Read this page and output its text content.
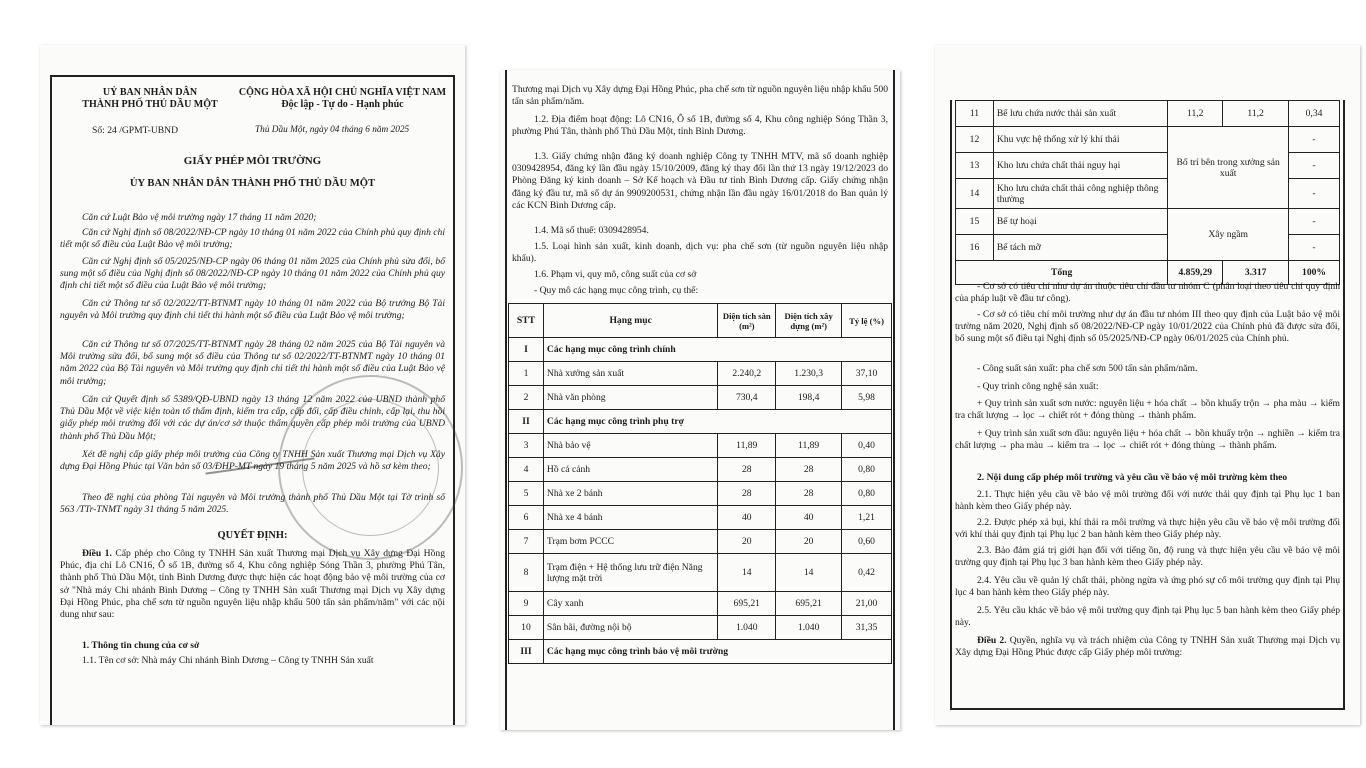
UỶ BAN NHÂN DÂN
THÀNH PHỐ THỦ DẦU MỘT
CỘNG HÒA XÃ HỘI CHỦ NGHĨA VIỆT NAM
Độc lập - Tự do - Hạnh phúc
Số: 24 /GPMT-UBND	Thủ Dầu Một, ngày 04 tháng 6 năm 2025
GIẤY PHÉP MÔI TRƯỜNG
ỦY BAN NHÂN DÂN THÀNH PHỐ THỦ DẦU MỘT
Căn cứ Luật Bảo vệ môi trường ngày 17 tháng 11 năm 2020;
Căn cứ Nghị định số 08/2022/NĐ-CP ngày 10 tháng 01 năm 2022 của Chính phủ quy định chi tiết một số điều của Luật Bảo vệ môi trường;
Căn cứ Nghị định số 05/2025/NĐ-CP ngày 06 tháng 01 năm 2025 của Chính phủ sửa đổi, bổ sung một số điều của Nghị định số 08/2022/NĐ-CP ngày 10 tháng 01 năm 2022 của Chính phủ quy định chi tiết một số điều của Luật Bảo vệ môi trường;
Căn cứ Thông tư số 02/2022/TT-BTNMT ngày 10 tháng 01 năm 2022 của Bộ trưởng Bộ Tài nguyên và Môi trường quy định chi tiết thi hành một số điều của Luật Bảo vệ môi trường;
Căn cứ Thông tư số 07/2025/TT-BTNMT ngày 28 tháng 02 năm 2025 của Bộ Tài nguyên và Môi trường sửa đổi, bổ sung một số điều của Thông tư số 02/2022/TT-BTNMT ngày 10 tháng 01 năm 2022 của Bộ Tài nguyên và Môi trường quy định chi tiết thi hành một số điều của Luật Bảo vệ môi trường;
Căn cứ Quyết định số 5389/QĐ-UBND ngày 13 tháng 12 năm 2022 của UBND thành phố Thủ Dầu Một về việc kiện toàn tổ thẩm định, kiểm tra cấp, cấp đổi, cấp điều chỉnh, cấp lại, thu hồi giấy phép môi trường đối với các dự án/cơ sở thuộc thẩm quyền cấp phép môi trường của UBND thành phố Thủ Dầu Một;
Xét đề nghị cấp giấy phép môi trường của Công ty TNHH Sản xuất Thương mại Dịch vụ Xây dựng Đại Hồng Phúc tại Văn bản số 03/ĐHP-MT ngày 19 tháng 5 năm 2025 và hồ sơ kèm theo;
Theo đề nghị của phòng Tài nguyên và Môi trường thành phố Thủ Dầu Một tại Tờ trình số 563 /TTr-TNMT ngày 31 tháng 5 năm 2025.
QUYẾT ĐỊNH:
Điều 1. Cấp phép cho Công ty TNHH Sản xuất Thương mại Dịch vụ Xây dựng Đại Hồng Phúc, địa chỉ Lô CN16, Ô số 1B, đường số 4, Khu công nghiệp Sóng Thần 3, phường Phú Tân, thành phố Thủ Dầu Một, tỉnh Bình Dương được thực hiện các hoạt động bảo vệ môi trường của cơ sở "Nhà máy Chi nhánh Bình Dương – Công ty TNHH Sản xuất Thương mại Dịch vụ Xây dựng Đại Hồng Phúc, pha chế sơn từ nguồn nguyên liệu nhập khẩu 500 tấn sản phẩm/năm" với các nội dung như sau:
1. Thông tin chung của cơ sở
1.1. Tên cơ sở: Nhà máy Chi nhánh Bình Dương – Công ty TNHH Sản xuất
Thương mại Dịch vụ Xây dựng Đại Hồng Phúc, pha chế sơn từ nguồn nguyên liệu nhập khẩu 500 tấn sản phẩm/năm.
1.2. Địa điểm hoạt động: Lô CN16, Ô số 1B, đường số 4, Khu công nghiệp Sóng Thần 3, phường Phú Tân, thành phố Thủ Dầu Một, tỉnh Bình Dương.
1.3. Giấy chứng nhận đăng ký doanh nghiệp Công ty TNHH MTV, mã số doanh nghiệp 0309428954, đăng ký lần đầu ngày 15/10/2009, đăng ký thay đổi lần thứ 13 ngày 19/12/2023 do Phòng Đăng ký kinh doanh – Sở Kế hoạch và Đầu tư tỉnh Bình Dương cấp. Giấy chứng nhận đăng ký đầu tư, mã số dự án 9909200531, chứng nhận lần đầu ngày 16/01/2018 do Ban quản lý các KCN Bình Dương cấp.
1.4. Mã số thuế: 0309428954.
1.5. Loại hình sản xuất, kinh doanh, dịch vụ: pha chế sơn (từ nguồn nguyên liệu nhập khẩu).
1.6. Phạm vi, quy mô, công suất của cơ sở
- Quy mô các hạng mục công trình, cụ thể:
STT	Hạng mục	Diện tích sàn (m²)	Diện tích xây dựng (m²)	Tỷ lệ (%)
I	Các hạng mục công trình chính			
1	Nhà xưởng sản xuất	2.240,2	1.230,3	37,10
2	Nhà văn phòng	730,4	198,4	5,98
II	Các hạng mục công trình phụ trợ			
3	Nhà bảo vệ	11,89	11,89	0,40
4	Hồ cá cảnh	28	28	0,80
5	Nhà xe 2 bánh	28	28	0,80
6	Nhà xe 4 bánh	40	40	1,21
7	Trạm bơm PCCC	20	20	0,60
8	Trạm điện + Hệ thống lưu trữ điện Năng lượng mặt trời	14	14	0,42
9	Cây xanh	695,21	695,21	21,00
10	Sân bãi, đường nội bộ	1.040	1.040	31,35
III	Các hạng mục công trình bảo vệ môi trường			
11	Bể lưu chứa nước thải sản xuất	11,2	11,2	0,34
12	Khu vực hệ thống xử lý khí thải	Bố trí bên trong xưởng sản xuất		-
13	Kho lưu chứa chất thải nguy hại			-
14	Kho lưu chứa chất thải công nghiệp thông thường			-
15	Bể tự hoại	Xây ngầm		-
16	Bể tách mỡ			-
Tổng		4.859,29	3.317	100%
- Cơ sở có tiêu chí như dự án thuộc tiêu chí đầu tư nhóm C (phân loại theo tiêu chí quy định của pháp luật về đầu tư công).
- Cơ sở có tiêu chí môi trường như dự án đầu tư nhóm III theo quy định của Luật bảo vệ môi trường năm 2020, Nghị định số 08/2022/NĐ-CP ngày 10/01/2022 của Chính phủ đã được sửa đổi, bổ sung một số điều tại Nghị định số 05/2025/NĐ-CP ngày 06/01/2025 của Chính phủ.
- Công suất sản xuất: pha chế sơn 500 tấn sản phẩm/năm.
- Quy trình công nghệ sản xuất:
+ Quy trình sản xuất sơn nước: nguyên liệu + hóa chất → bồn khuấy trộn → pha màu → kiểm tra chất lượng → lọc → chiết rót + đóng thùng → thành phẩm.
+ Quy trình sản xuất sơn dầu: nguyên liệu + hóa chất → bồn khuấy trộn → nghiền → kiểm tra chất lượng → pha màu → kiểm tra → lọc → chiết rót + đóng thùng → thành phẩm.
2. Nội dung cấp phép môi trường và yêu cầu về bảo vệ môi trường kèm theo
2.1. Thực hiện yêu cầu về bảo vệ môi trường đối với nước thải quy định tại Phụ lục 1 ban hành kèm theo Giấy phép này.
2.2. Được phép xả bụi, khí thải ra môi trường và thực hiện yêu cầu về bảo vệ môi trường đối với khí thải quy định tại Phụ lục 2 ban hành kèm theo Giấy phép này.
2.3. Bảo đảm giá trị giới hạn đối với tiếng ồn, độ rung và thực hiện yêu cầu về bảo vệ môi trường quy định tại Phụ lục 3 ban hành kèm theo Giấy phép này.
2.4. Yêu cầu về quản lý chất thải, phòng ngừa và ứng phó sự cố môi trường quy định tại Phụ lục 4 ban hành kèm theo Giấy phép này.
2.5. Yêu cầu khác về bảo vệ môi trường quy định tại Phụ lục 5 ban hành kèm theo Giấy phép này.
Điều 2. Quyền, nghĩa vụ và trách nhiệm của Công ty TNHH Sản xuất Thương mại Dịch vụ Xây dựng Đại Hồng Phúc được cấp Giấy phép môi trường:
